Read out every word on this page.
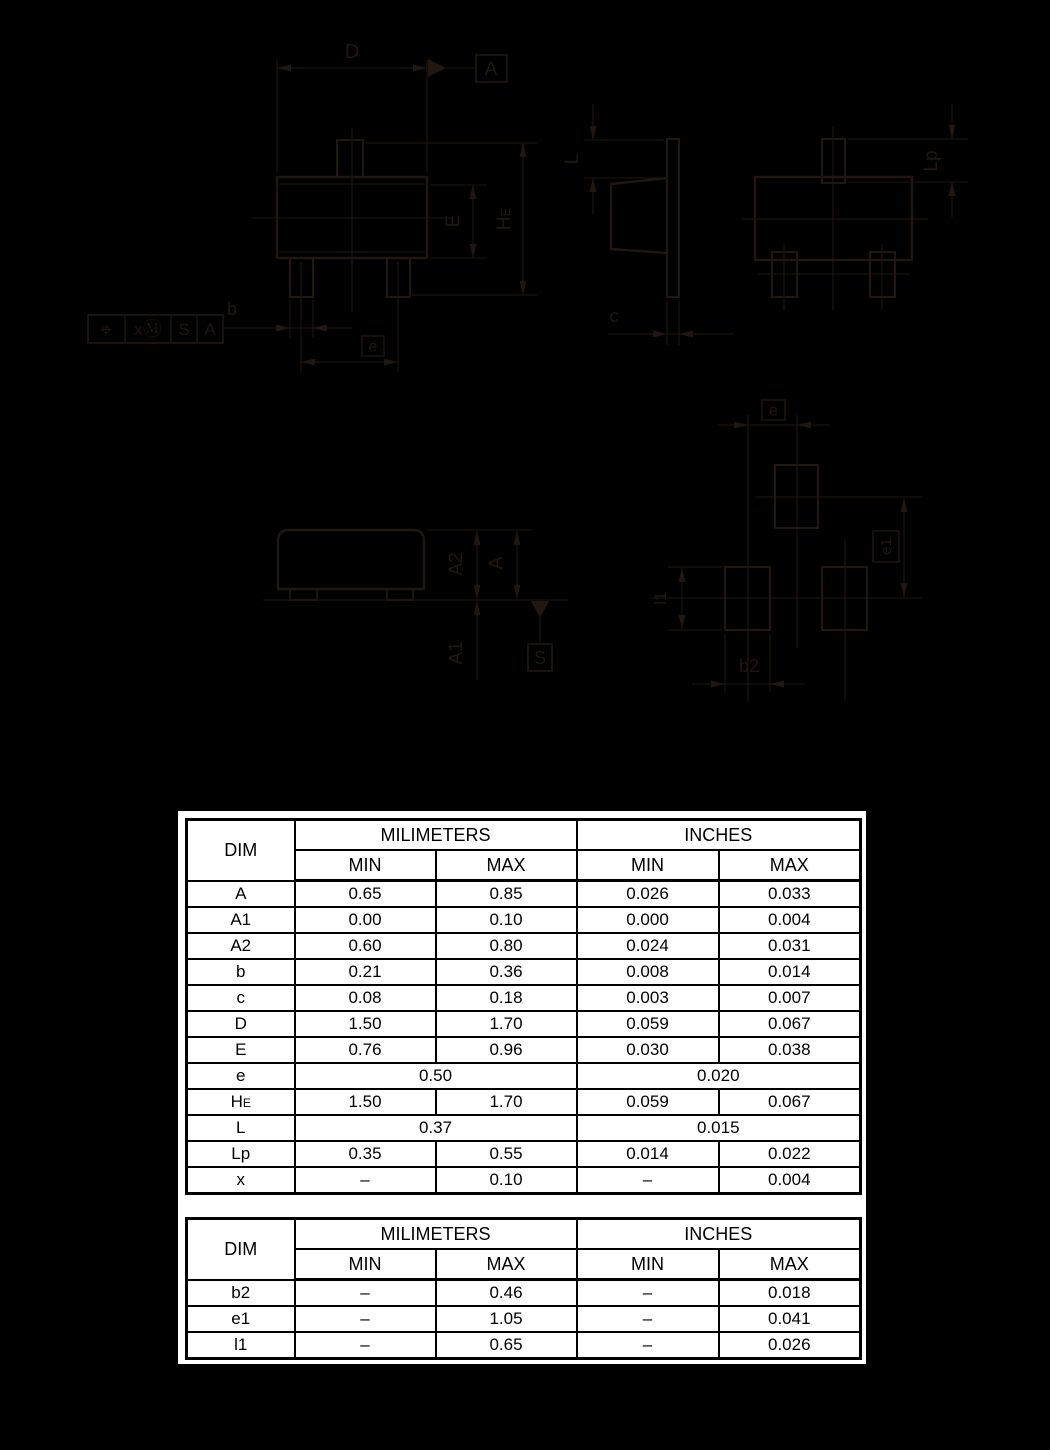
D
A
E HE
b
e
⌖ xⓂ S A
L
c
Lp
A2 A
A1	S
e
e1
l1
b2
DIM	MILIMETERS		INCHES	
	MIN	MAX	MIN	MAX
A	0.65	0.85	0.026	0.033
A1	0.00	0.10	0.000	0.004
A2	0.60	0.80	0.024	0.031
b	0.21	0.36	0.008	0.014
c	0.08	0.18	0.003	0.007
D	1.50	1.70	0.059	0.067
E	0.76	0.96	0.030	0.038
e	0.50		0.020	
HE	1.50	1.70	0.059	0.067
L	0.37		0.015	
Lp	0.35	0.55	0.014	0.022
x	–	0.10	–	0.004
DIM	MILIMETERS		INCHES	
	MIN	MAX	MIN	MAX
b2	–	0.46	–	0.018
e1	–	1.05	–	0.041
l1	–	0.65	–	0.026
